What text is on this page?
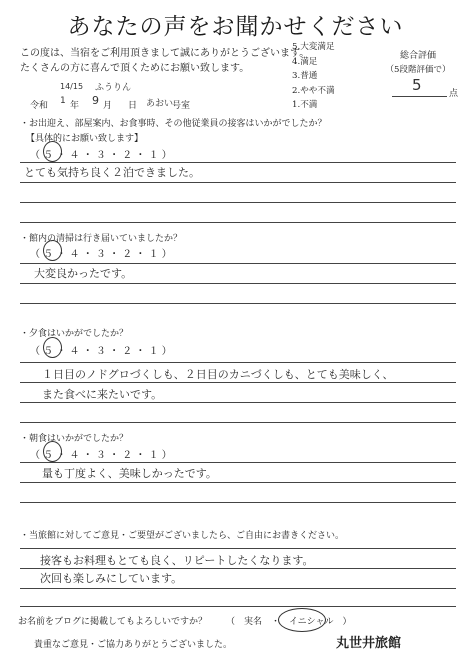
あなたの声をお聞かせください
この度は、当宿をご利用頂きまして誠にありがとうございます。
たくさんの方に喜んで頂くためにお願い致します。
5.大変満足
4.満足
3.普通
2.やや不満
1.不満
総合評価
（5段階評価で）
5	点
14/15 ふうりん
令和 1 年 9 月 日 あおい
号室
・お出迎え、部屋案内、お食事時、その他従業員の接客はいかがでしたか？
【具体的にお願い致します】
（ ５ ・ ４ ・ ３ ・ ２ ・ １ ）
とても気持ち良く２泊できました。
・館内の清掃は行き届いていましたか？
（ ５ ・ ４ ・ ３ ・ ２ ・ １ ）
大変良かったです。
・夕食はいかがでしたか？
（ ５ ・ ４ ・ ３ ・ ２ ・ １ ）
１日目のノドグロづくしも、２日目のカニづくしも、とても美味しく、
また食べに来たいです。
・朝食はいかがでしたか？
（ ５ ・ ４ ・ ３ ・ ２ ・ １ ）
量も丁度よく、美味しかったです。
・当旅館に対してご意見・ご要望がございましたら、ご自由にお書きください。
接客もお料理もとても良く、リピートしたくなります。
次回も楽しみにしています。
お名前をブログに掲載してもよろしいですか？ （　実名　・　イニシャル　）
貴重なご意見・ご協力ありがとうございました。	丸世井旅館
